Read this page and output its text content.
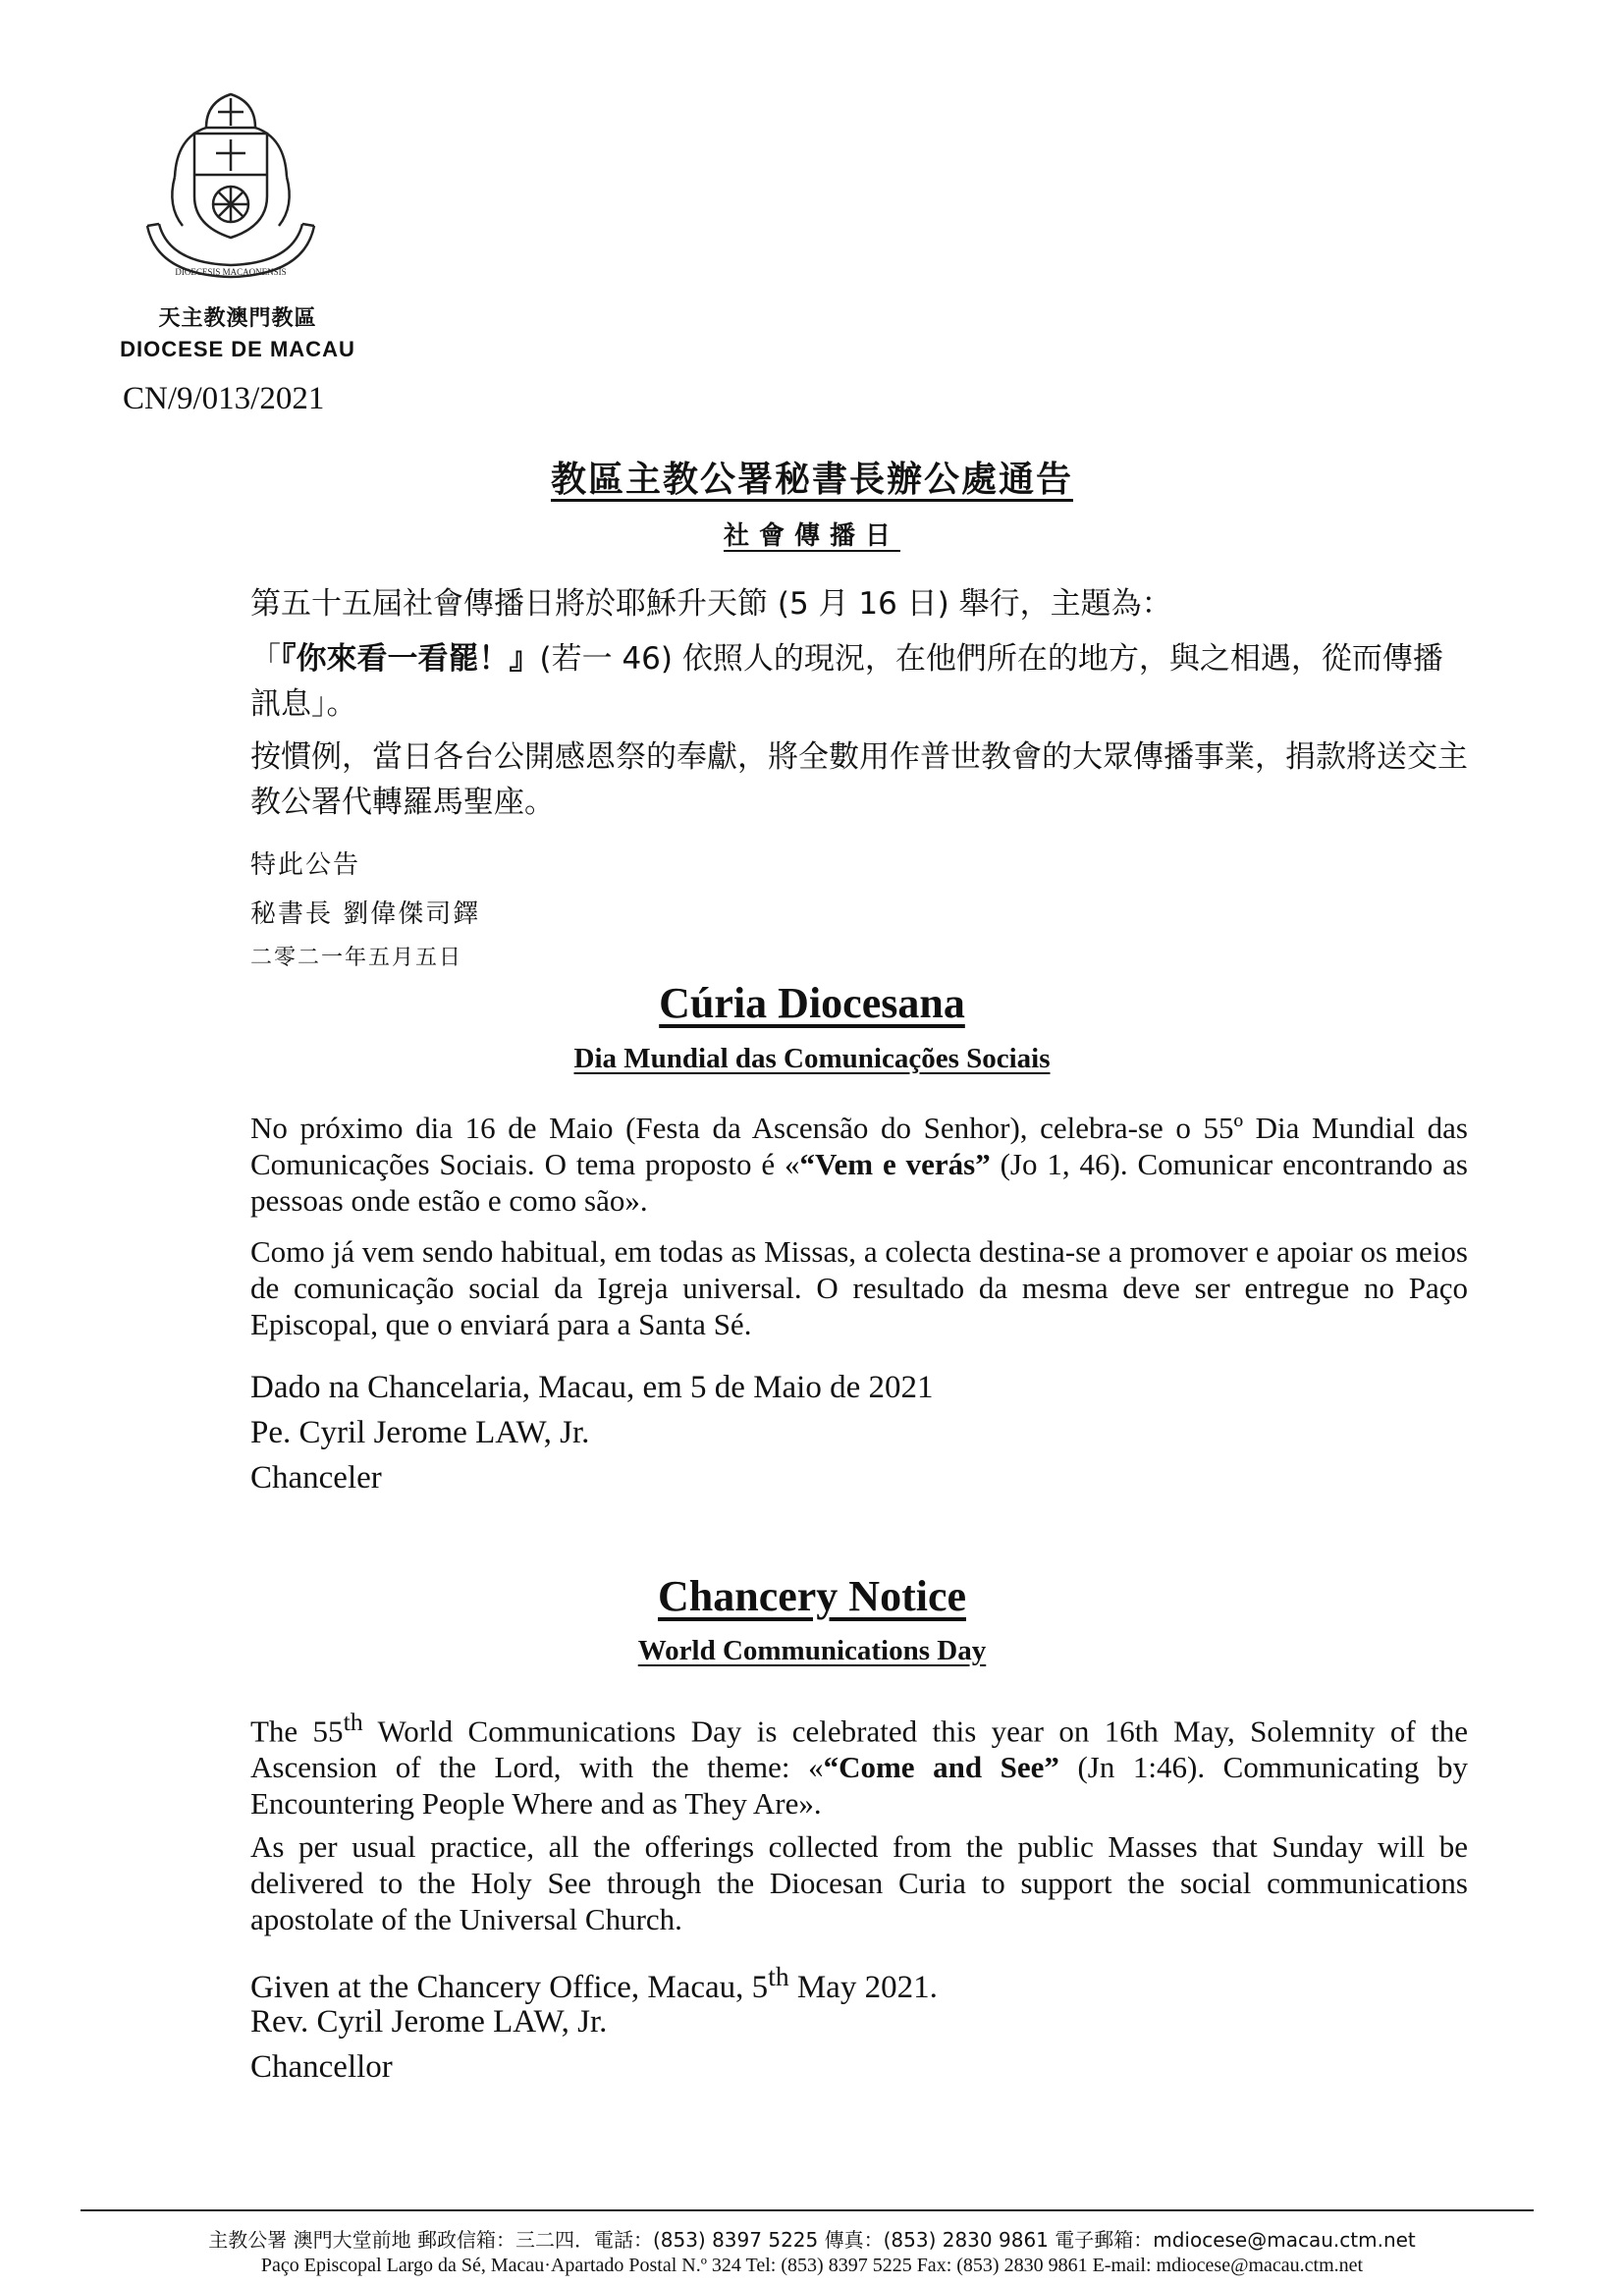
DIOECESIS MACAONENSIS
天主教澳門教區
DIOCESE DE MACAU
CN/9/013/2021
教區主教公署秘書長辦公處通告
社會傳播日
第五十五屆社會傳播日將於耶穌升天節 (5 月 16 日) 舉行，主題為：
「『你來看一看罷！』(若一 46) 依照人的現況，在他們所在的地方，與之相遇，從而傳播訊息」。
按慣例，當日各台公開感恩祭的奉獻，將全數用作普世教會的大眾傳播事業，捐款將送交主教公署代轉羅馬聖座。
特此公告
秘書長 劉偉傑司鐸
二零二一年五月五日
Cúria Diocesana
Dia Mundial das Comunicações Sociais
No próximo dia 16 de Maio (Festa da Ascensão do Senhor), celebra-se o 55º Dia Mundial das Comunicações Sociais. O tema proposto é «“Vem e verás” (Jo 1, 46). Comunicar encontrando as pessoas onde estão e como são».
Como já vem sendo habitual, em todas as Missas, a colecta destina-se a promover e apoiar os meios de comunicação social da Igreja universal. O resultado da mesma deve ser entregue no Paço Episcopal, que o enviará para a Santa Sé.
Dado na Chancelaria, Macau, em 5 de Maio de 2021
Pe. Cyril Jerome LAW, Jr.
Chanceler
Chancery Notice
World Communications Day
The 55th World Communications Day is celebrated this year on 16th May, Solemnity of the Ascension of the Lord, with the theme: «“Come and See” (Jn 1:46). Communicating by Encountering People Where and as They Are».
As per usual practice, all the offerings collected from the public Masses that Sunday will be delivered to the Holy See through the Diocesan Curia to support the social communications apostolate of the Universal Church.
Given at the Chancery Office, Macau, 5th May 2021.
Rev. Cyril Jerome LAW, Jr.
Chancellor
主教公署 澳門大堂前地 郵政信箱：三二四．電話：(853) 8397 5225 傳真：(853) 2830 9861 電子郵箱：mdiocese@macau.ctm.net
Paço Episcopal Largo da Sé, Macau·Apartado Postal N.º 324 Tel: (853) 8397 5225 Fax: (853) 2830 9861 E-mail: mdiocese@macau.ctm.net
